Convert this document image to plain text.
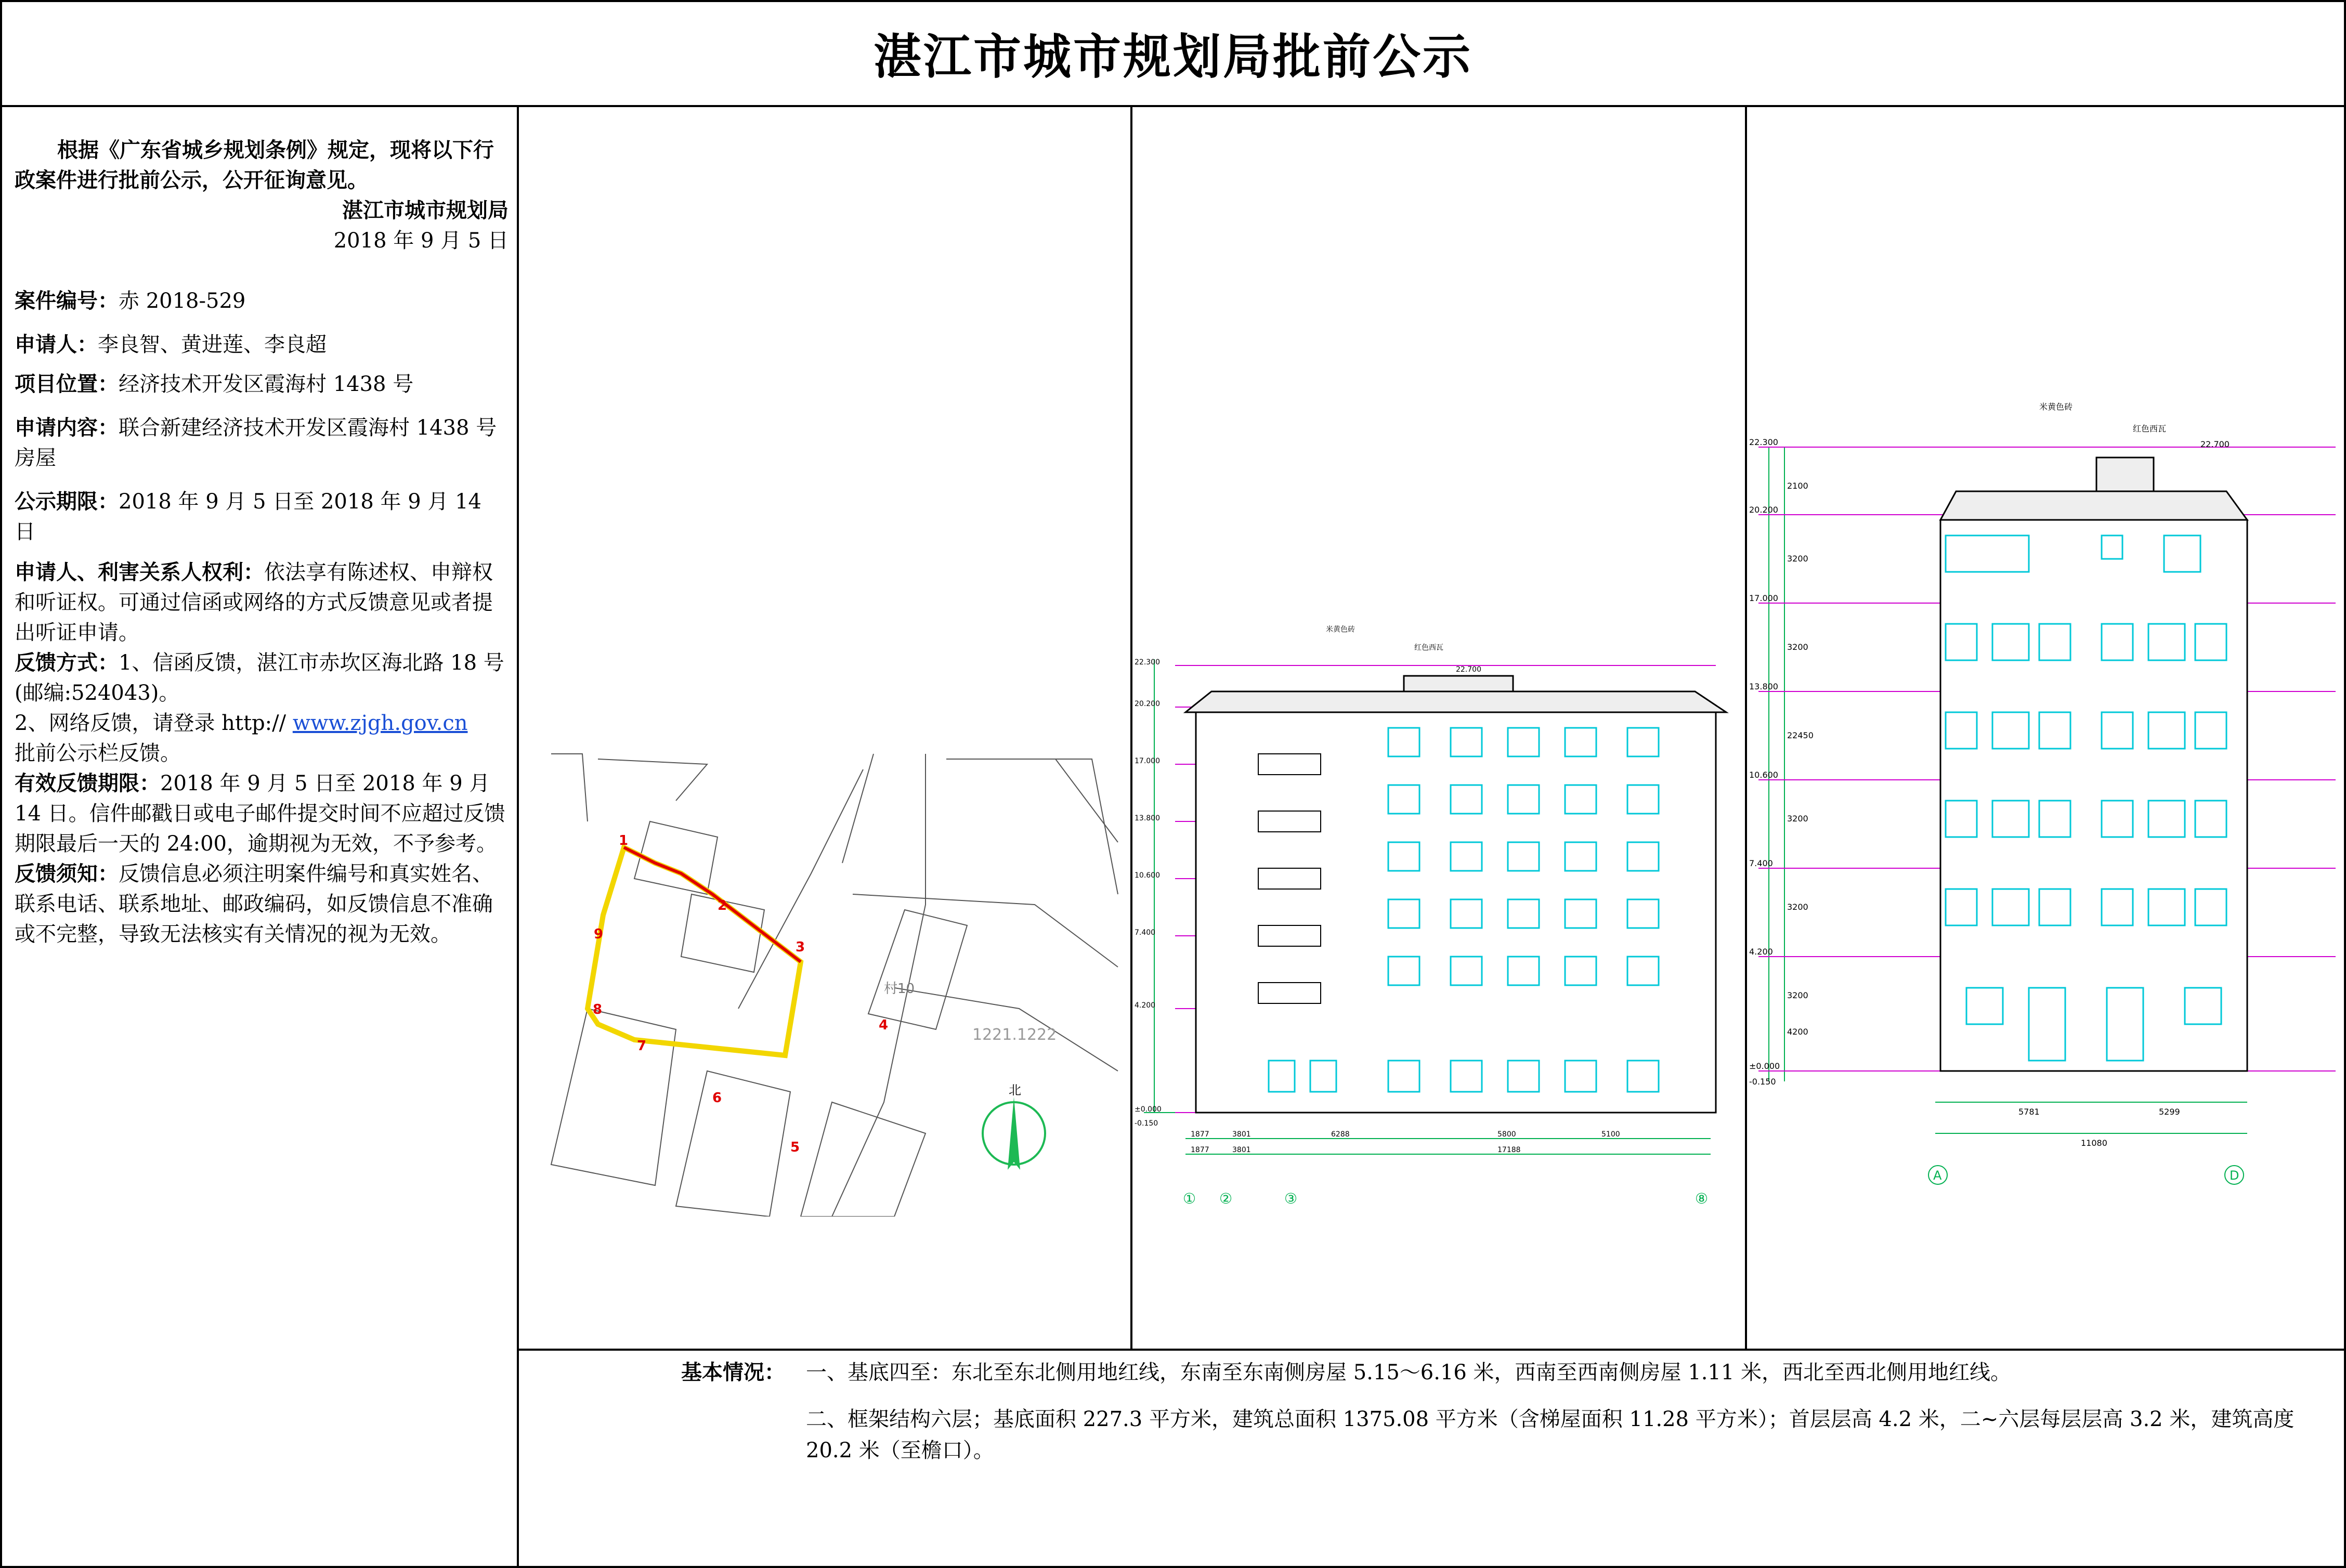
湛江市城市规划局批前公示

根据《广东省城乡规划条例》规定，现将以下行政案件进行批前公示，公开征询意见。

湛江市城市规划局

2018 年 9 月 5 日

案件编号：赤 2018-529

申请人：李良智、黄进莲、李良超

项目位置：经济技术开发区霞海村 1438 号

申请内容：联合新建经济技术开发区霞海村 1438 号房屋

公示期限：2018 年 9 月 5 日至 2018 年 9 月 14 日

申请人、利害关系人权利：依法享有陈述权、申辩权和听证权。可通过信函或网络的方式反馈意见或者提出听证申请。

反馈方式：1、信函反馈，湛江市赤坎区海北路 18 号(邮编:524043)。

2、网络反馈，请登录 http:// www.zjgh.gov.cn
批前公示栏反馈。

有效反馈期限：2018 年 9 月 5 日至 2018 年 9 月 14 日。信件邮戳日或电子邮件提交时间不应超过反馈期限最后一天的 24:00，逾期视为无效，不予参考。

反馈须知：反馈信息必须注明案件编号和真实姓名、联系电话、联系地址、邮政编码，如反馈信息不准确或不完整，导致无法核实有关情况的视为无效。

1
2
3
4
5
6
7
8
9
村10
1221.1222
北
22.300
20.200
17.000
13.800
10.600
7.400
4.200
±0.000
-0.150
22.700
米黄色砖
红色西瓦
1877	3801	6288	5800	5100
1877	3801	17188
① ②	③	⑧
22.300
20.200
17.000
13.800
10.600
7.400
4.200
±0.000
-0.150
22.700
米黄色砖
红色西瓦
5781	5299
11080
22450
2100
3200
3200
3200
3200
3200
4200
A	D
基本情况：	一、基底四至：东北至东北侧用地红线，东南至东南侧房屋 5.15～6.16 米，西南至西南侧房屋 1.11 米，西北至西北侧用地红线。
二、框架结构六层；基底面积 227.3 平方米，建筑总面积 1375.08 平方米（含梯屋面积 11.28 平方米）；首层层高 4.2 米，二~六层每层层高 3.2 米，建筑高度 20.2 米（至檐口）。
